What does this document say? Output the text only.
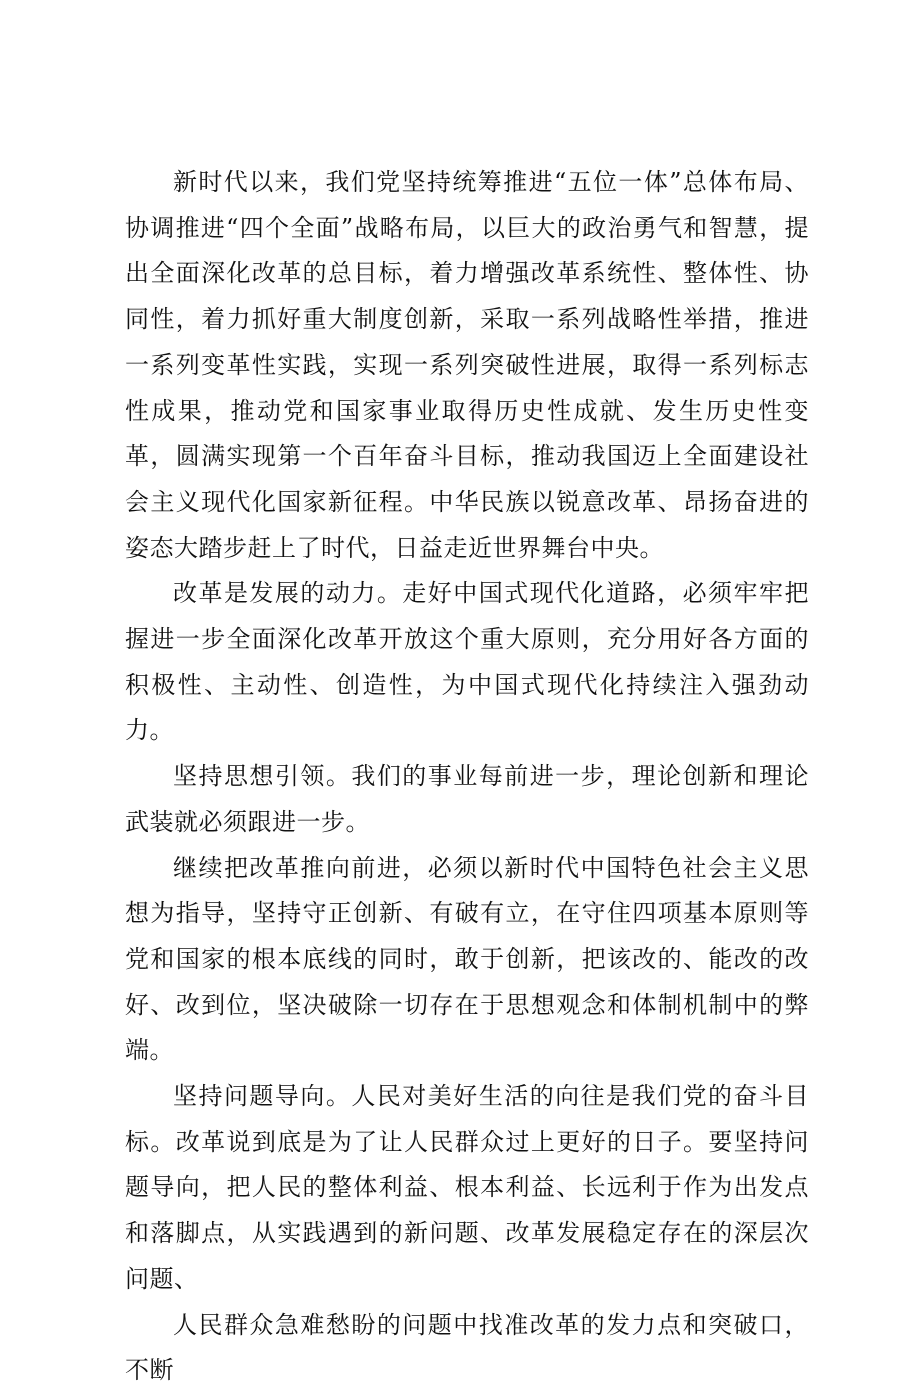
新时代以来，我们党坚持统筹推进“五位一体”总体布局、协调推进“四个全面”战略布局，以巨大的政治勇气和智慧，提出全面深化改革的总目标，着力增强改革系统性、整体性、协同性，着力抓好重大制度创新，采取一系列战略性举措，推进一系列变革性实践，实现一系列突破性进展，取得一系列标志性成果，推动党和国家事业取得历史性成就、发生历史性变革，圆满实现第一个百年奋斗目标，推动我国迈上全面建设社会主义现代化国家新征程。中华民族以锐意改革、昂扬奋进的姿态大踏步赶上了时代，日益走近世界舞台中央。

改革是发展的动力。走好中国式现代化道路，必须牢牢把握进一步全面深化改革开放这个重大原则，充分用好各方面的积极性、主动性、创造性，为中国式现代化持续注入强劲动力。

坚持思想引领。我们的事业每前进一步，理论创新和理论武装就必须跟进一步。

继续把改革推向前进，必须以新时代中国特色社会主义思想为指导，坚持守正创新、有破有立，在守住四项基本原则等党和国家的根本底线的同时，敢于创新，把该改的、能改的改好、改到位，坚决破除一切存在于思想观念和体制机制中的弊端。

坚持问题导向。人民对美好生活的向往是我们党的奋斗目标。改革说到底是为了让人民群众过上更好的日子。要坚持问题导向，把人民的整体利益、根本利益、长远利于作为出发点和落脚点，从实践遇到的新问题、改革发展稳定存在的深层次问题、

人民群众急难愁盼的问题中找准改革的发力点和突破口，不断
